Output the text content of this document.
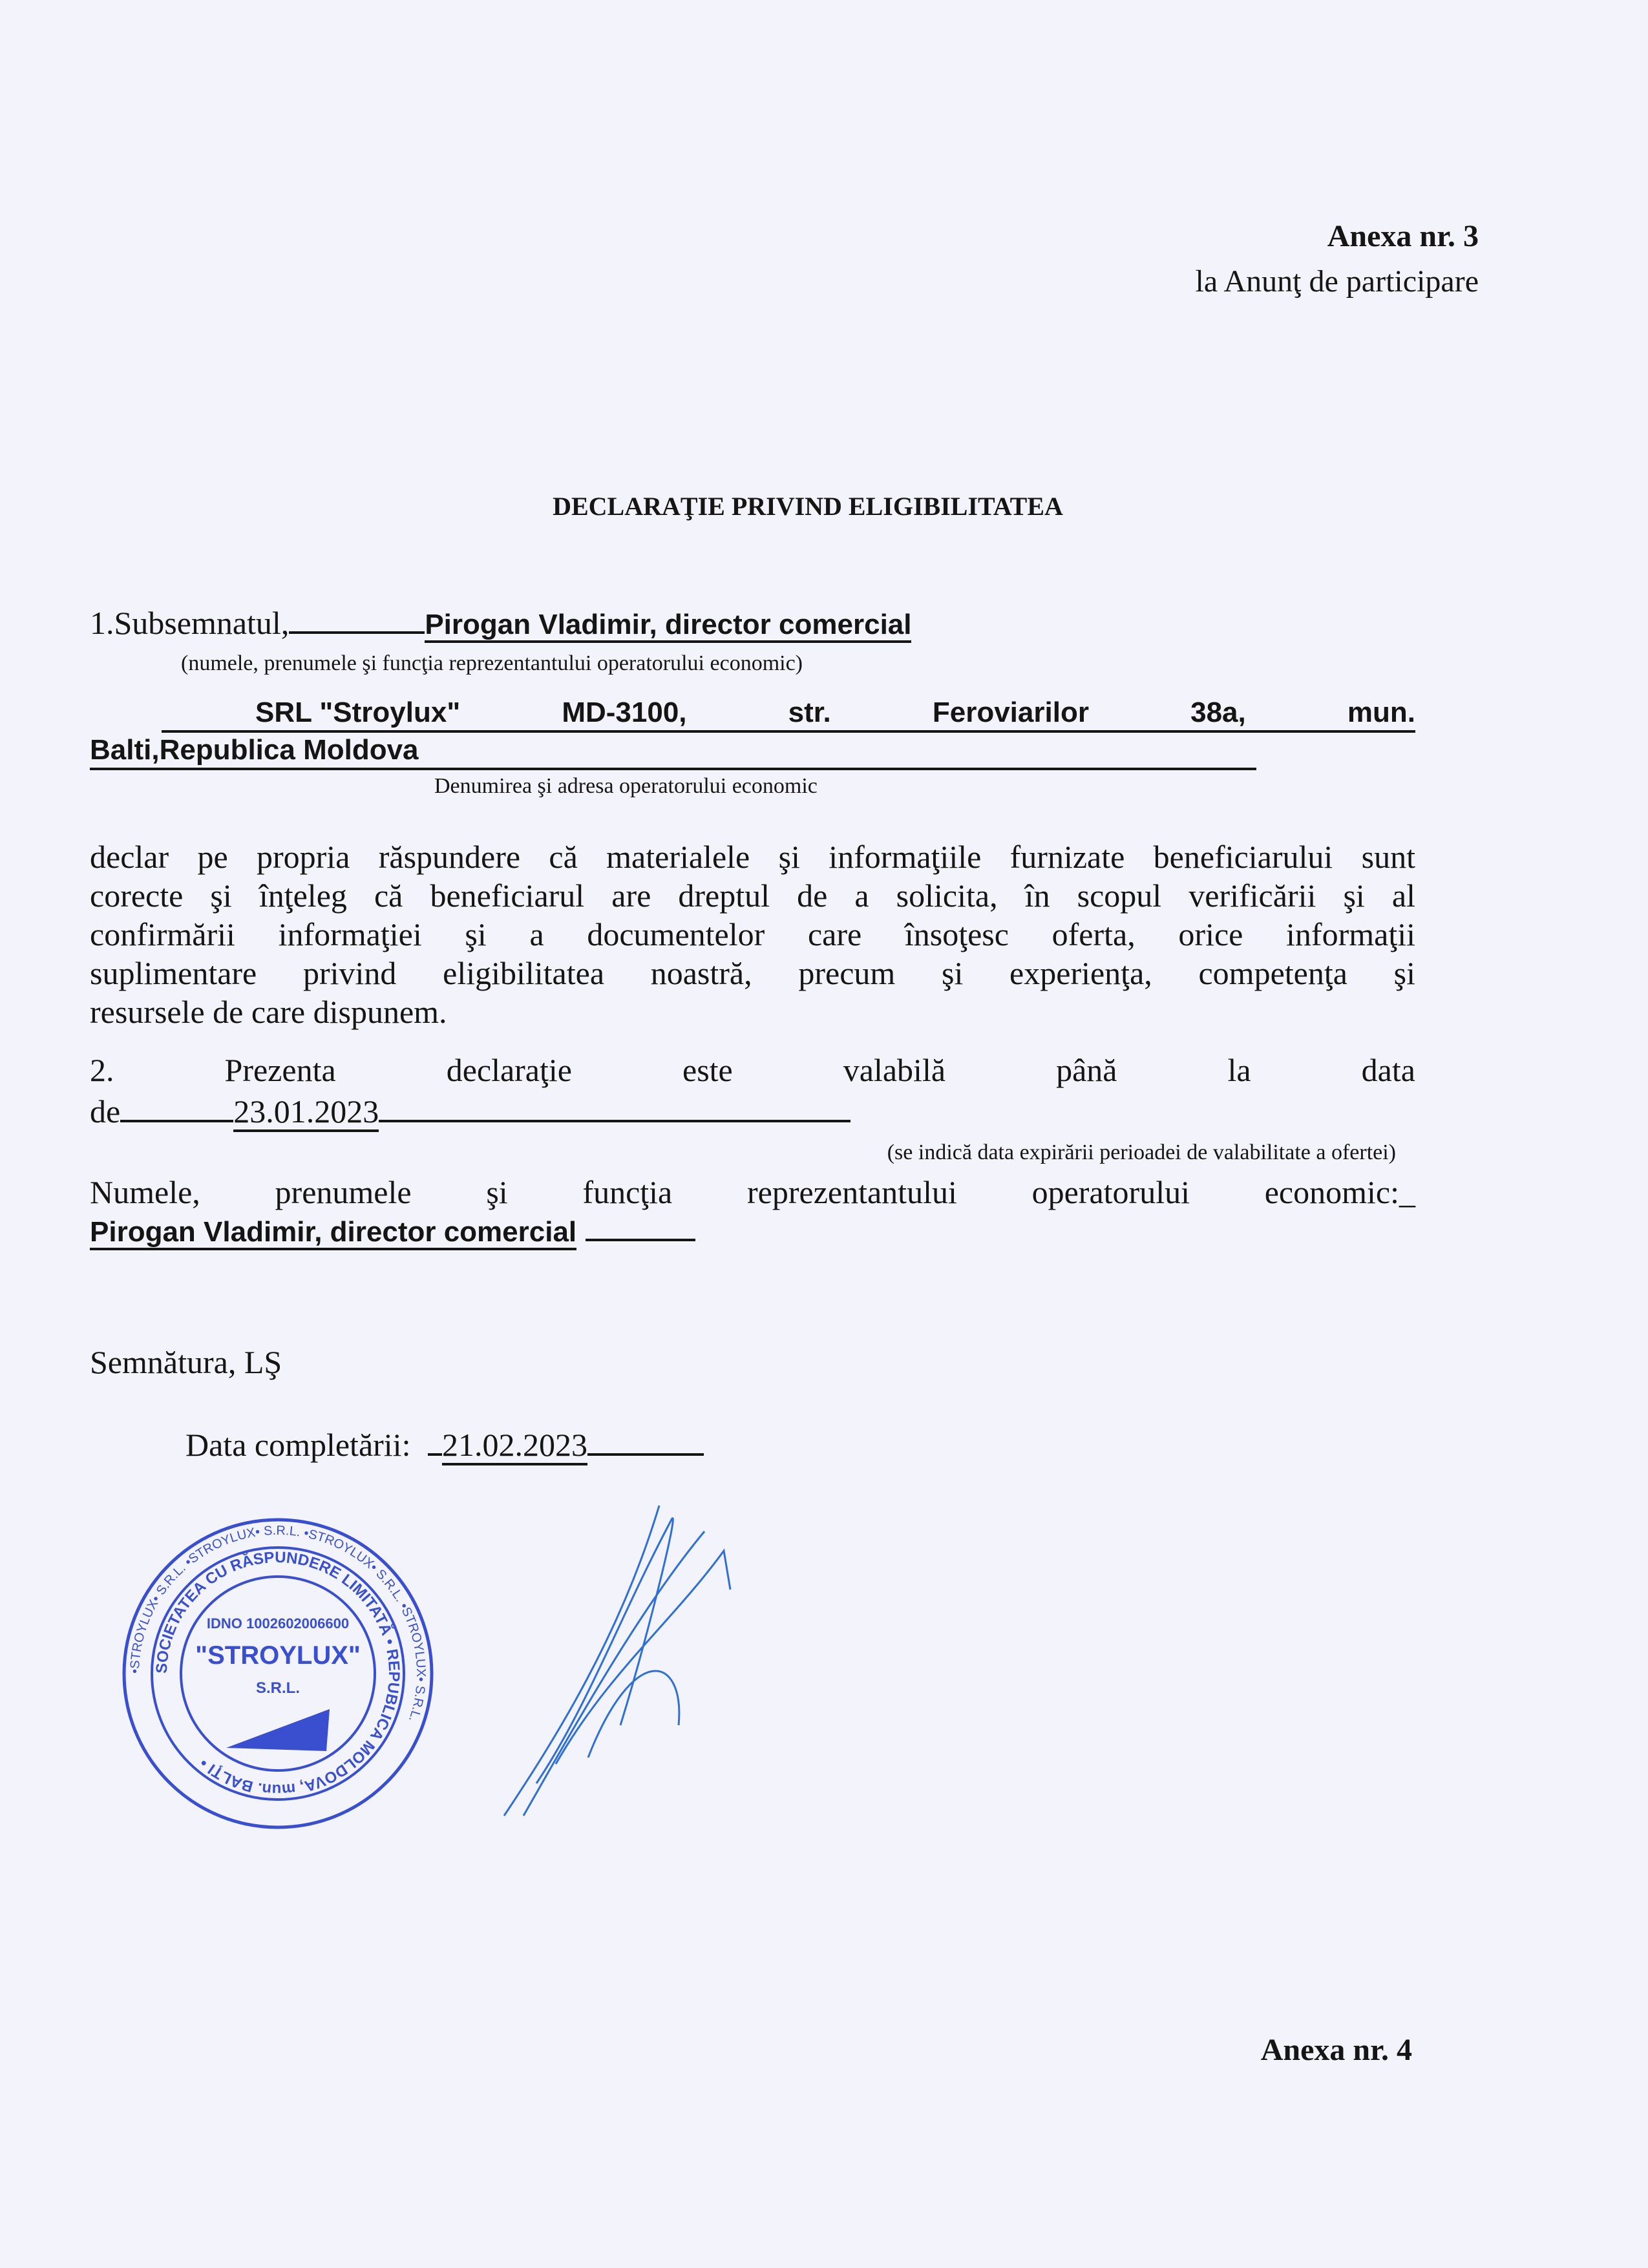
Anexa nr. 3
la Anunţ de participare
DECLARAŢIE PRIVIND ELIGIBILITATEA
1.Subsemnatul,	Pirogan Vladimir, director comercial
(numele, prenumele şi funcţia reprezentantului operatorului economic)
SRL "Stroylux"	MD-3100,	str.	Feroviarilor	38a,	mun.
Balti,Republica Moldova
Denumirea şi adresa operatorului economic
declar pe propria răspundere că materialele şi informaţiile furnizate beneficiarului sunt
corecte şi înţeleg că beneficiarul are dreptul de a solicita, în scopul verificării şi al
confirmării informaţiei şi a documentelor care însoţesc oferta, orice informaţii
suplimentare privind eligibilitatea noastră, precum şi experienţa, competenţa şi
resursele de care dispunem.
2.	Prezenta	declaraţie	este	valabilă	până	la	data
de	23.01.2023
(se indică data expirării perioadei de valabilitate a ofertei)
Numele, prenumele şi funcţia reprezentantului operatorului economic:_
Pirogan Vladimir, director comercial
Semnătura, LŞ
Data completării: 21.02.2023
•STROYLUX• S.R.L. •STROYLUX• S.R.L. •STROYLUX• S.R.L. •STROYLUX• S.R.L.
SOCIETATEA CU RĂSPUNDERE LIMITATĂ • REPUBLICA MOLDOVA, mun. BALŢI •
IDNO 1002602006600
"STROYLUX"
S.R.L.
Anexa nr. 4
